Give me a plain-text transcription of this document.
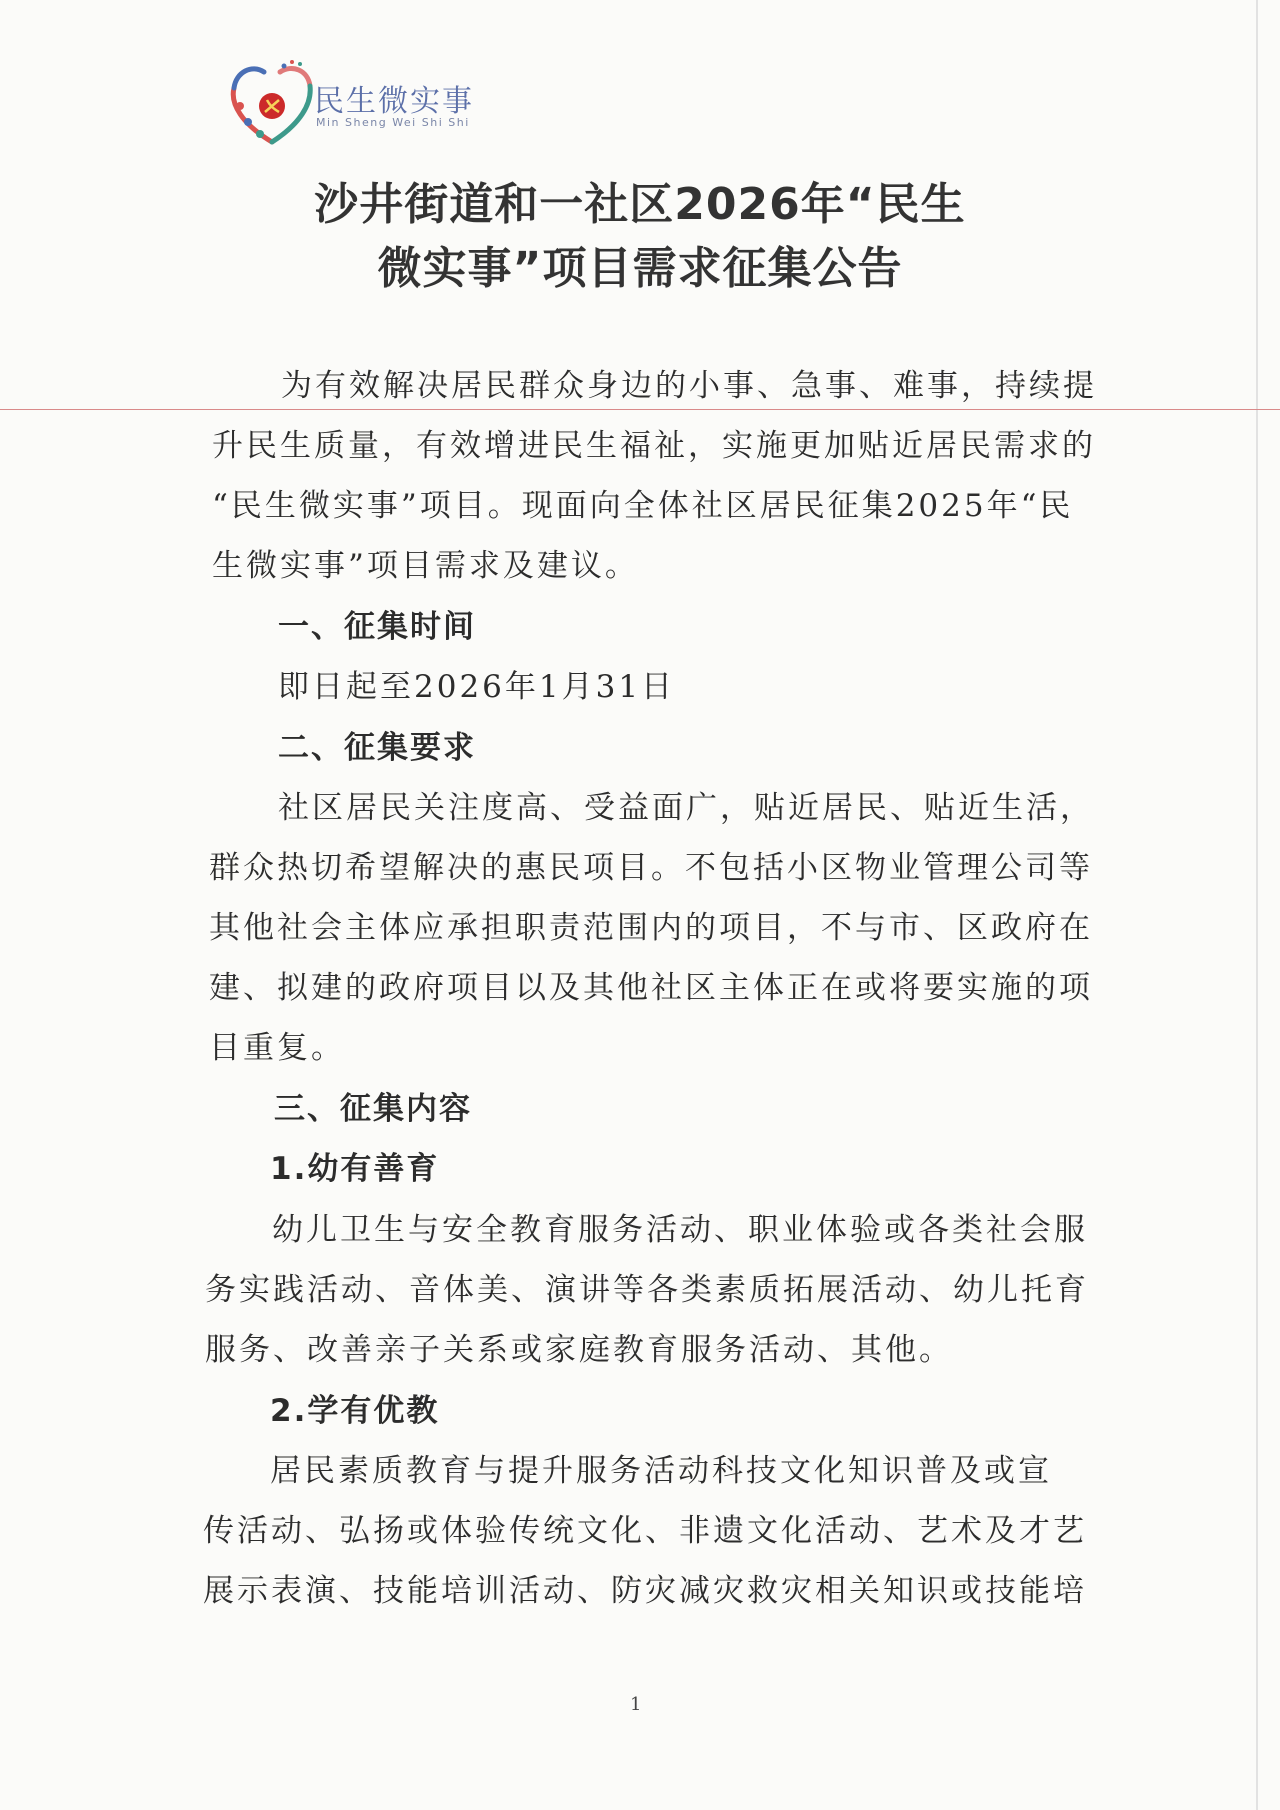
民生微实事
Min Sheng Wei Shi Shi
沙井街道和一社区2026年“民生
微实事”项目需求征集公告
为有效解决居民群众身边的小事、急事、难事，持续提
升民生质量，有效增进民生福祉，实施更加贴近居民需求的
“民生微实事”项目。现面向全体社区居民征集2025年“民
生微实事”项目需求及建议。
一、征集时间
即日起至2026年1月31日
二、征集要求
社区居民关注度高、受益面广，贴近居民、贴近生活，
群众热切希望解决的惠民项目。不包括小区物业管理公司等
其他社会主体应承担职责范围内的项目，不与市、区政府在
建、拟建的政府项目以及其他社区主体正在或将要实施的项
目重复。
三、征集内容
1.幼有善育
幼儿卫生与安全教育服务活动、职业体验或各类社会服
务实践活动、音体美、演讲等各类素质拓展活动、幼儿托育
服务、改善亲子关系或家庭教育服务活动、其他。
2.学有优教
居民素质教育与提升服务活动科技文化知识普及或宣
传活动、弘扬或体验传统文化、非遗文化活动、艺术及才艺
展示表演、技能培训活动、防灾减灾救灾相关知识或技能培
1
